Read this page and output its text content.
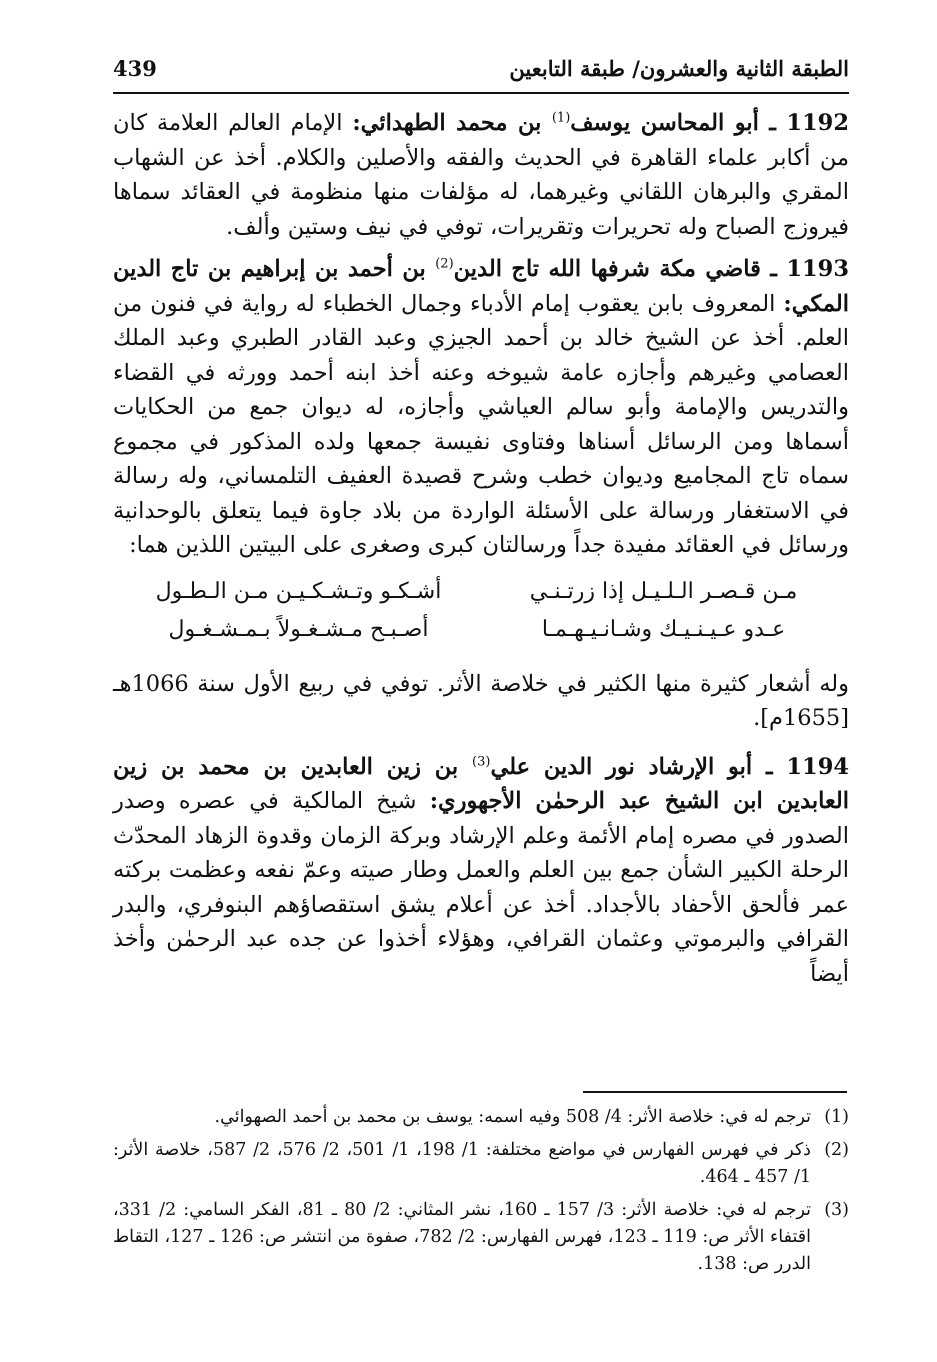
الطبقة الثانية والعشرون/ طبقة التابعين
439

1192 ـ أبو المحاسن يوسف$^{(1)}$ بن محمد الطهدائي: الإمام العالم العلامة كان من أكابر علماء القاهرة في الحديث والفقه والأصلين والكلام. أخذ عن الشهاب المقري والبرهان اللقاني وغيرهما، له مؤلفات منها منظومة في العقائد سماها فيروزج الصباح وله تحريرات وتقريرات، توفي في نيف وستين وألف.

1193 ـ قاضي مكة شرفها الله تاج الدين$^{(2)}$ بن أحمد بن إبراهيم بن تاج الدين المكي: المعروف بابن يعقوب إمام الأدباء وجمال الخطباء له رواية في فنون من العلم. أخذ عن الشيخ خالد بن أحمد الجيزي وعبد القادر الطبري وعبد الملك العصامي وغيرهم وأجازه عامة شيوخه وعنه أخذ ابنه أحمد وورثه في القضاء والتدريس والإمامة وأبو سالم العياشي وأجازه، له ديوان جمع من الحكايات أسماها ومن الرسائل أسناها وفتاوى نفيسة جمعها ولده المذكور في مجموع سماه تاج المجاميع وديوان خطب وشرح قصيدة العفيف التلمساني، وله رسالة في الاستغفار ورسالة على الأسئلة الواردة من بلاد جاوة فيما يتعلق بالوحدانية ورسائل في العقائد مفيدة جداً ورسالتان كبرى وصغرى على البيتين اللذين هما:

مـن قـصـر الـلـيـل إذا زرتـنـي
أشـكـو وتـشـكـيـن مـن الـطـول
عـدو عـيـنـيـك وشـانـيـهـمـا
أصـبـح مـشـغـولاً بـمـشـغـول

وله أشعار كثيرة منها الكثير في خلاصة الأثر. توفي في ربيع الأول سنة 1066هـ [1655م].

1194 ـ أبو الإرشاد نور الدين علي$^{(3)}$ بن زين العابدين بن محمد بن زين العابدين ابن الشيخ عبد الرحمٰن الأجهوري: شيخ المالكية في عصره وصدر الصدور في مصره إمام الأئمة وعلم الإرشاد وبركة الزمان وقدوة الزهاد المحدّث الرحلة الكبير الشأن جمع بين العلم والعمل وطار صيته وعمّ نفعه وعظمت بركته عمر فألحق الأحفاد بالأجداد. أخذ عن أعلام يشق استقصاؤهم البنوفري، والبدر القرافي والبرموتي وعثمان القرافي، وهؤلاء أخذوا عن جده عبد الرحمٰن وأخذ أيضاً

(1)
ترجم له في: خلاصة الأثر: 4/ 508 وفيه اسمه: يوسف بن محمد بن أحمد الصهوائي.
(2)
ذكر في فهرس الفهارس في مواضع مختلفة: 1/ 198، 1/ 501، 2/ 576، 2/ 587، خلاصة الأثر: 1/ 457 ـ 464.
(3)
ترجم له في: خلاصة الأثر: 3/ 157 ـ 160، نشر المثاني: 2/ 80 ـ 81، الفكر السامي: 2/ 331، اقتفاء الأثر ص: 119 ـ 123، فهرس الفهارس: 2/ 782، صفوة من انتشر ص: 126 ـ 127، التقاط الدرر ص: 138.
